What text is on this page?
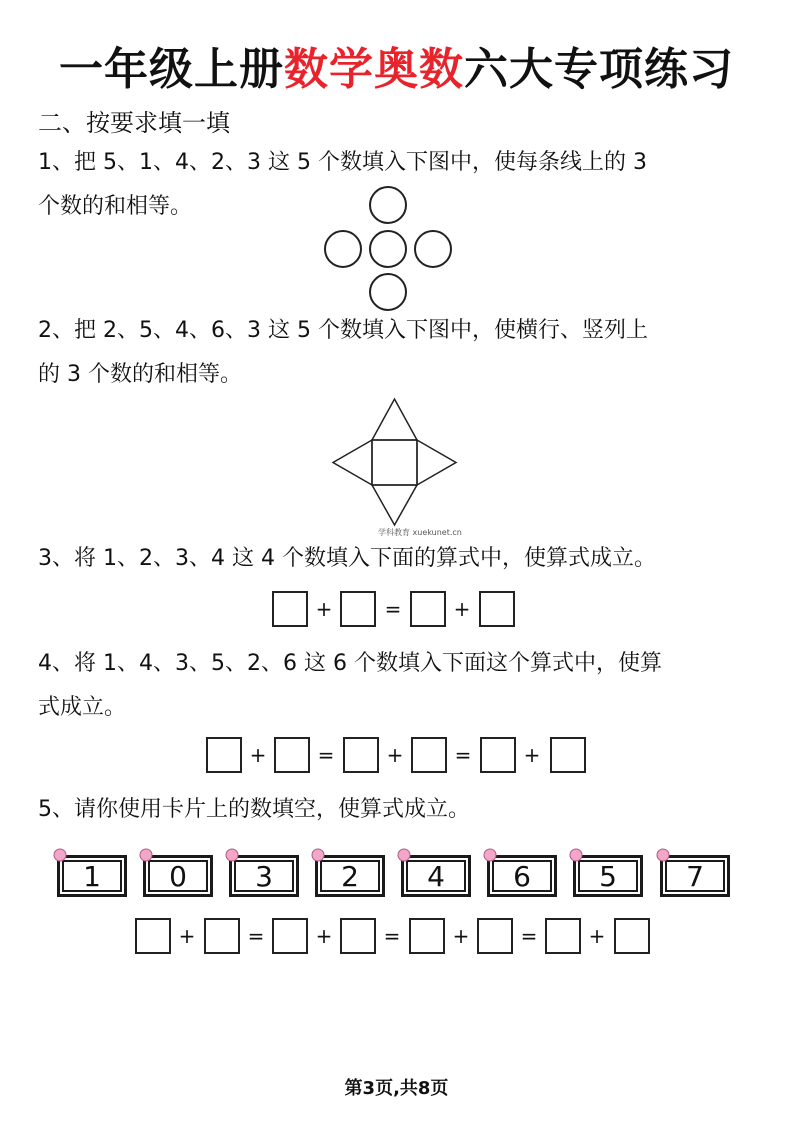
一年级上册数学奥数六大专项练习
二、按要求填一填
1、把 5、1、4、2、3 这 5 个数填入下图中，使每条线上的 3
个数的和相等。
2、把 2、5、4、6、3 这 5 个数填入下图中，使横行、竖列上
的 3 个数的和相等。
学科教育 xuekunet.cn
3、将 1、2、3、4 这 4 个数填入下面的算式中，使算式成立。
+	=	+
4、将 1、4、3、5、2、6 这 6 个数填入下面这个算式中，使算
式成立。
+	=	+	=	+
5、请你使用卡片上的数填空，使算式成立。
1	0	3	2	4	6	5	7
+	=	+	=	+	=	+
第3页,共8页
